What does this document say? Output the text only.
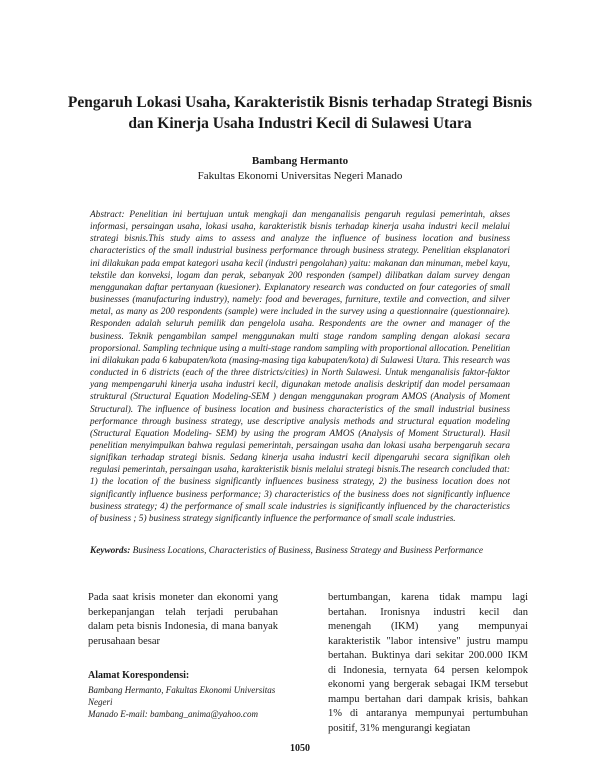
Pengaruh Lokasi Usaha, Karakteristik Bisnis terhadap Strategi Bisnis
dan Kinerja Usaha Industri Kecil di Sulawesi Utara
Bambang Hermanto
Fakultas Ekonomi Universitas Negeri Manado
Abstract: Penelitian ini bertujuan untuk mengkaji dan menganalisis pengaruh regulasi pemerintah, akses informasi, persaingan usaha, lokasi usaha, karakteristik bisnis terhadap kinerja usaha industri kecil melalui strategi bisnis.This study aims to assess and analyze the influence of business location and business characteristics of the small industrial business performance through business strategy. Penelitian eksplanatori ini dilakukan pada empat kategori usaha kecil (industri pengolahan) yaitu: makanan dan minuman, mebel kayu, tekstile dan konveksi, logam dan perak, sebanyak 200 responden (sampel) dilibatkan dalam survey dengan menggunakan daftar pertanyaan (kuesioner). Explanatory research was conducted on four categories of small businesses (manufacturing industry), namely: food and beverages, furniture, textile and convection, and silver metal, as many as 200 respondents (sample) were included in the survey using a questionnaire (questionnaire). Responden adalah seluruh pemilik dan pengelola usaha. Respondents are the owner and manager of the business. Teknik pengambilan sampel menggunakan multi stage random sampling dengan alokasi secara proporsional. Sampling technique using a multi-stage random sampling with proportional allocation. Penelitian ini dilakukan pada 6 kabupaten/kota (masing-masing tiga kabupaten/kota) di Sulawesi Utara. This research was conducted in 6 districts (each of the three districts/cities) in North Sulawesi. Untuk menganalisis faktor-faktor yang mempengaruhi kinerja usaha industri kecil, digunakan metode analisis deskriptif dan model persamaan struktural (Structural Equation Modeling-SEM ) dengan menggunakan program AMOS (Analysis of Moment Structural). The influence of business location and business characteristics of the small industrial business performance through business strategy, use descriptive analysis methods and structural equation modeling (Structural Equation Modeling- SEM) by using the program AMOS (Analysis of Moment Structural). Hasil penelitian menyimpulkan bahwa regulasi pemerintah, persaingan usaha dan lokasi usaha berpengaruh secara signifikan terhadap strategi bisnis. Sedang kinerja usaha industri kecil dipengaruhi secara signifikan oleh regulasi pemerintah, persaingan usaha, karakteristik bisnis melalui strategi bisnis.The research concluded that: 1) the location of the business significantly influences business strategy, 2) the business location does not significantly influence business performance; 3) characteristics of the business does not significantly influence business strategy; 4) the performance of small scale industries is significantly influenced by the characteristics of business ; 5) business strategy significantly influence the performance of small scale industries.
Keywords: Business Locations, Characteristics of Business, Business Strategy and Business Performance
Pada saat krisis moneter dan ekonomi yang berkepanjangan telah terjadi perubahan dalam peta bisnis Indonesia, di mana banyak perusahaan besar
bertumbangan, karena tidak mampu lagi bertahan. Ironisnya industri kecil dan menengah (IKM) yang mempunyai karakteristik "labor intensive" justru mampu bertahan. Buktinya dari sekitar 200.000 IKM di Indonesia, ternyata 64 persen kelompok ekonomi yang bergerak sebagai IKM tersebut mampu bertahan dari dampak krisis, bahkan 1% di antaranya mempunyai pertumbuhan positif, 31% mengurangi kegiatan
Alamat Korespondensi:
Bambang Hermanto, Fakultas Ekonomi Universitas Negeri
Manado E-mail: bambang_anima@yahoo.com
1050
